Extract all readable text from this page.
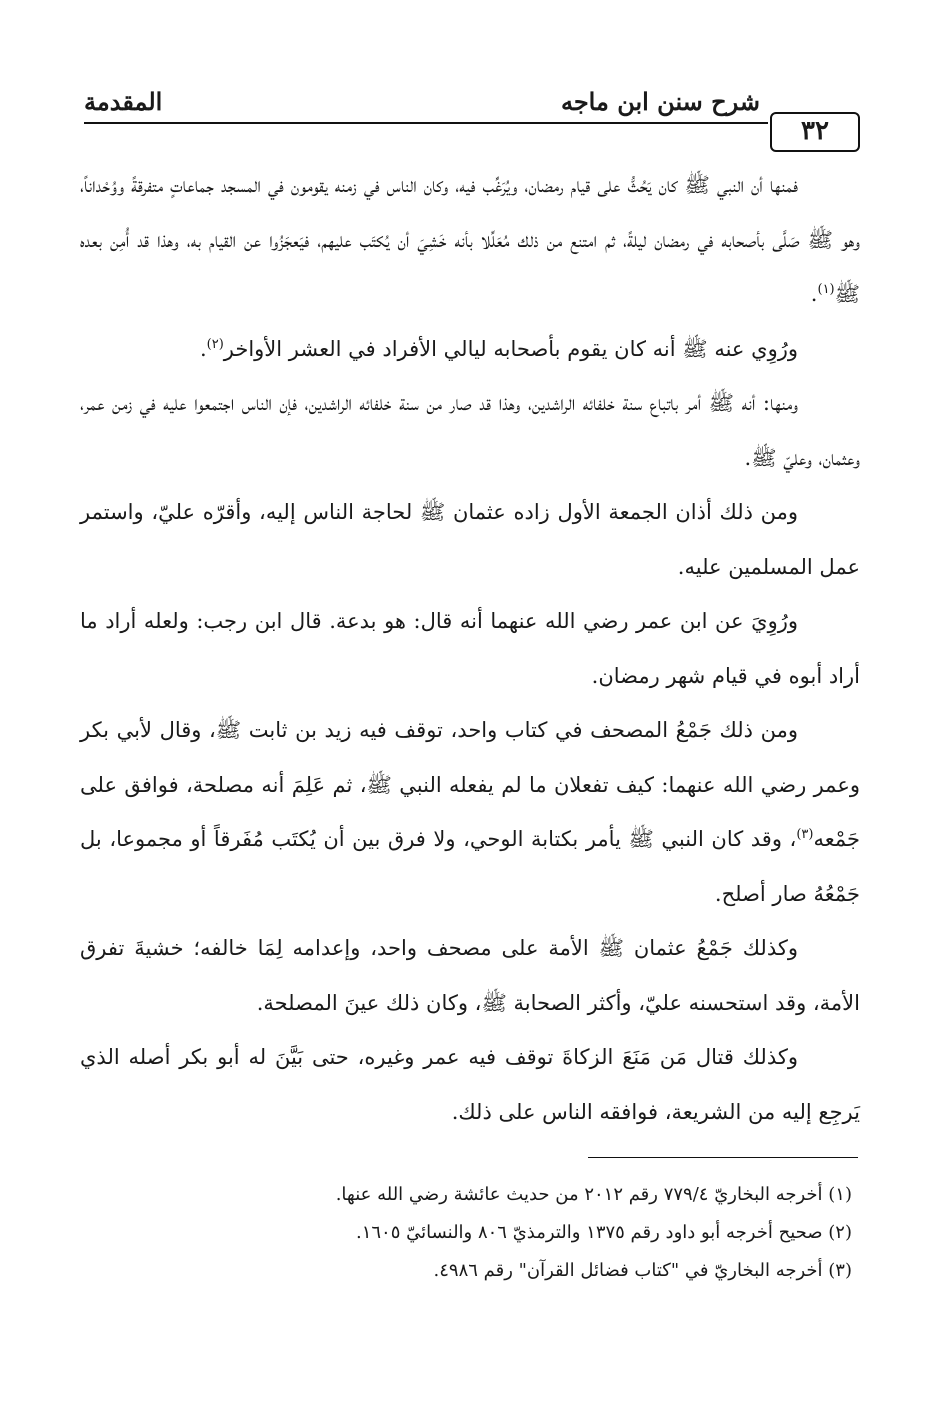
٣٢
شرح سنن ابن ماجه
المقدمة

فمنها أن النبي ﷺ كان يَحُثُّ على قيام رمضان، ويُرَغِّب فيه، وكان الناس في زمنه يقومون في المسجد جماعاتٍ متفرقةً ووُحْداناً، وهو ﷺ صَلَّى بأصحابه في رمضان ليلةً، ثم امتنع من ذلك مُعَلِّلا بأنه خَشِيَ أن يُكتَب عليهم، فيَعجَزُوا عن القيام به، وهذا قد أُمِن بعده ﷺ$^{(١)}$.

ورُوِي عنه ﷺ أنه كان يقوم بأصحابه ليالي الأفراد في العشر الأواخر$^{(٢)}$.

ومنها: أنه ﷺ أمر باتباع سنة خلفائه الراشدين، وهذا قد صار من سنة خلفائه الراشدين، فإن الناس اجتمعوا عليه في زمن عمر، وعثمان، وعليّ ﷺ.

ومن ذلك أذان الجمعة الأول زاده عثمان ﷺ لحاجة الناس إليه، وأقرّه عليّ، واستمر عمل المسلمين عليه.

ورُوِيَ عن ابن عمر رضي الله عنهما أنه قال: هو بدعة. قال ابن رجب: ولعله أراد ما أراد أبوه في قيام شهر رمضان.

ومن ذلك جَمْعُ المصحف في كتاب واحد، توقف فيه زيد بن ثابت ﷺ، وقال لأبي بكر وعمر رضي الله عنهما: كيف تفعلان ما لم يفعله النبي ﷺ، ثم عَلِمَ أنه مصلحة، فوافق على جَمْعه$^{(٣)}$، وقد كان النبي ﷺ يأمر بكتابة الوحي، ولا فرق بين أن يُكتَب مُفَرقاً أو مجموعا، بل جَمْعُهُ صار أصلح.

وكذلك جَمْعُ عثمان ﷺ الأمة على مصحف واحد، وإعدامه لِمَا خالفه؛ خشيةَ تفرق الأمة، وقد استحسنه عليّ، وأكثر الصحابة ﷺ، وكان ذلك عينَ المصلحة.

وكذلك قتال مَن مَنَعَ الزكاةَ توقف فيه عمر وغيره، حتى بَيَّنَ له أبو بكر أصله الذي يَرجِع إليه من الشريعة، فوافقه الناس على ذلك.

(١) أخرجه البخاريّ ٧٧٩/٤ رقم ٢٠١٢ من حديث عائشة رضي الله عنها.

(٢) صحيح أخرجه أبو داود رقم ١٣٧٥ والترمذيّ ٨٠٦ والنسائيّ ١٦٠٥.

(٣) أخرجه البخاريّ في "كتاب فضائل القرآن" رقم ٤٩٨٦.
